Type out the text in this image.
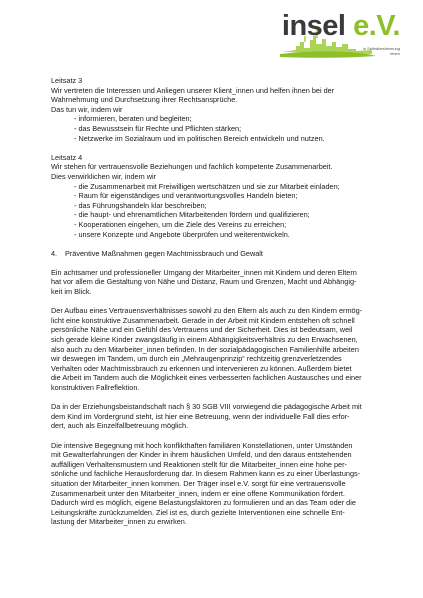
insel e.V.
in Selbstbestimmung
leben

Leitsatz 3

Wir vertreten die Interessen und Anliegen unserer Klient_innen und helfen ihnen bei der

Wahrnehmung und Durchsetzung ihrer Rechtsansprüche.

Das tun wir, indem wir

- informieren, beraten und begleiten;
- das Bewusstsein für Rechte und Pflichten stärken;
- Netzwerke im Sozialraum und im politischen Bereich entwickeln und nutzen.

Leitsatz 4

Wir stehen für vertrauensvolle Beziehungen und fachlich kompetente Zusammenarbeit.

Dies verwirklichen wir, indem wir

- die Zusammenarbeit mit Freiwilligen wertschätzen und sie zur Mitarbeit einladen;
- Raum für eigenständiges und verantwortungsvolles Handeln bieten;
- das Führungshandeln klar beschreiben;
- die haupt- und ehrenamtlichen Mitarbeitenden fördern und qualifizieren;
- Kooperationen eingehen, um die Ziele des Vereins zu erreichen;
- unsere Konzepte und Angebote überprüfen und weiterentwickeln.

4. Präventive Maßnahmen gegen Machtmissbrauch und Gewalt

Ein achtsamer und professioneller Umgang der Mitarbeiter_innen mit Kindern und deren Eltern

hat vor allem die Gestaltung von Nähe und Distanz, Raum und Grenzen, Macht und Abhängig-

keit im Blick.

Der Aufbau eines Vertrauensverhältnisses sowohl zu den Eltern als auch zu den Kindern ermög-

licht eine konstruktive Zusammenarbeit. Gerade in der Arbeit mit Kindern entstehen oft schnell

persönliche Nähe und ein Gefühl des Vertrauens und der Sicherheit. Dies ist bedeutsam, weil

sich gerade kleine Kinder zwangsläufig in einem Abhängigkeitsverhältnis zu den Erwachsenen,

also auch zu den Mitarbeiter_innen befinden. In der sozialpädagogischen Familienhilfe arbeiten

wir deswegen im Tandem, um durch ein „Mehraugenprinzip“ rechtzeitig grenzverletzendes

Verhalten oder Machtmissbrauch zu erkennen und intervenieren zu können. Außerdem bietet

die Arbeit im Tandem auch die Möglichkeit eines verbesserten fachlichen Austausches und einer

konstruktiven Fallreflektion.

Da in der Erziehungsbeistandschaft nach § 30 SGB VIII vorwiegend die pädagogische Arbeit mit

dem Kind im Vordergrund steht, ist hier eine Betreuung, wenn der individuelle Fall dies erfor-

dert, auch als Einzelfallbetreuung möglich.

Die intensive Begegnung mit hoch konflikthaften familiären Konstellationen, unter Umständen

mit Gewalterfahrungen der Kinder in ihrem häuslichen Umfeld, und den daraus entstehenden

auffälligen Verhaltensmustern und Reaktionen stellt für die Mitarbeiter_innen eine hohe per-

sönliche und fachliche Herausforderung dar. In diesem Rahmen kann es zu einer Überlastungs-

situation der Mitarbeiter_innen kommen. Der Träger insel e.V. sorgt für eine vertrauensvolle

Zusammenarbeit unter den Mitarbeiter_innen, indem er eine offene Kommunikation fördert.

Dadurch wird es möglich, eigene Belastungsfaktoren zu formulieren und an das Team oder die

Leitungskräfte zurückzumelden. Ziel ist es, durch gezielte Interventionen eine schnelle Ent-

lastung der Mitarbeiter_innen zu erwirken.
